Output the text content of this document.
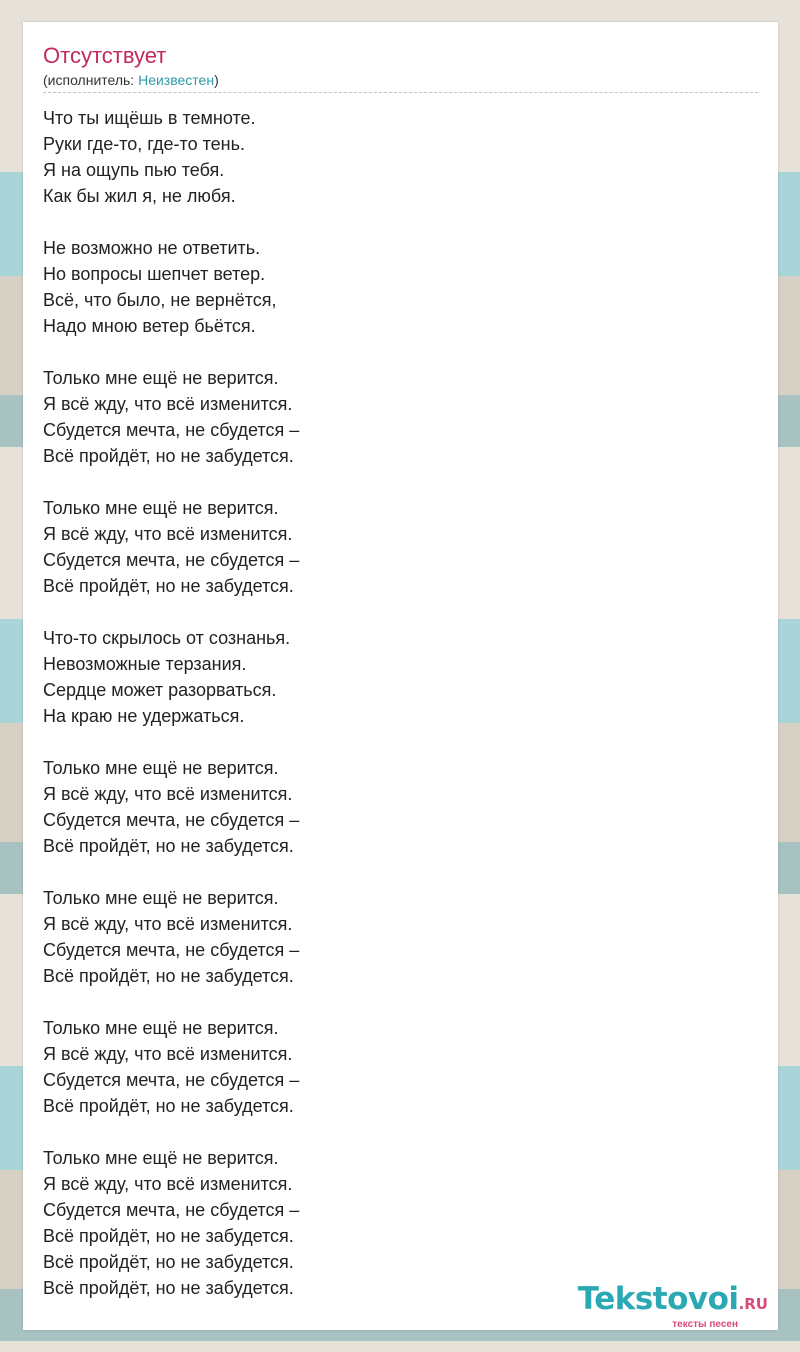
Отсутствует
(исполнитель: Неизвестен)
Что ты ищёшь в темноте.
Руки где-то, где-то тень.
Я на ощупь пью тебя.
Как бы жил я, не любя.
Не возможно не ответить.
Но вопросы шепчет ветер.
Всё, что было, не вернётся,
Надо мною ветер бьётся.
Только мне ещё не верится.
Я всё жду, что всё изменится.
Сбудется мечта, не сбудется –
Всё пройдёт, но не забудется.
Только мне ещё не верится.
Я всё жду, что всё изменится.
Сбудется мечта, не сбудется –
Всё пройдёт, но не забудется.
Что-то скрылось от сознанья.
Невозможные терзания.
Сердце может разорваться.
На краю не удержаться.
Только мне ещё не верится.
Я всё жду, что всё изменится.
Сбудется мечта, не сбудется –
Всё пройдёт, но не забудется.
Только мне ещё не верится.
Я всё жду, что всё изменится.
Сбудется мечта, не сбудется –
Всё пройдёт, но не забудется.
Только мне ещё не верится.
Я всё жду, что всё изменится.
Сбудется мечта, не сбудется –
Всё пройдёт, но не забудется.
Только мне ещё не верится.
Я всё жду, что всё изменится.
Сбудется мечта, не сбудется –
Всё пройдёт, но не забудется.
Всё пройдёт, но не забудется.
Всё пройдёт, но не забудется.	Tekstovoi.RU
тексты песен
